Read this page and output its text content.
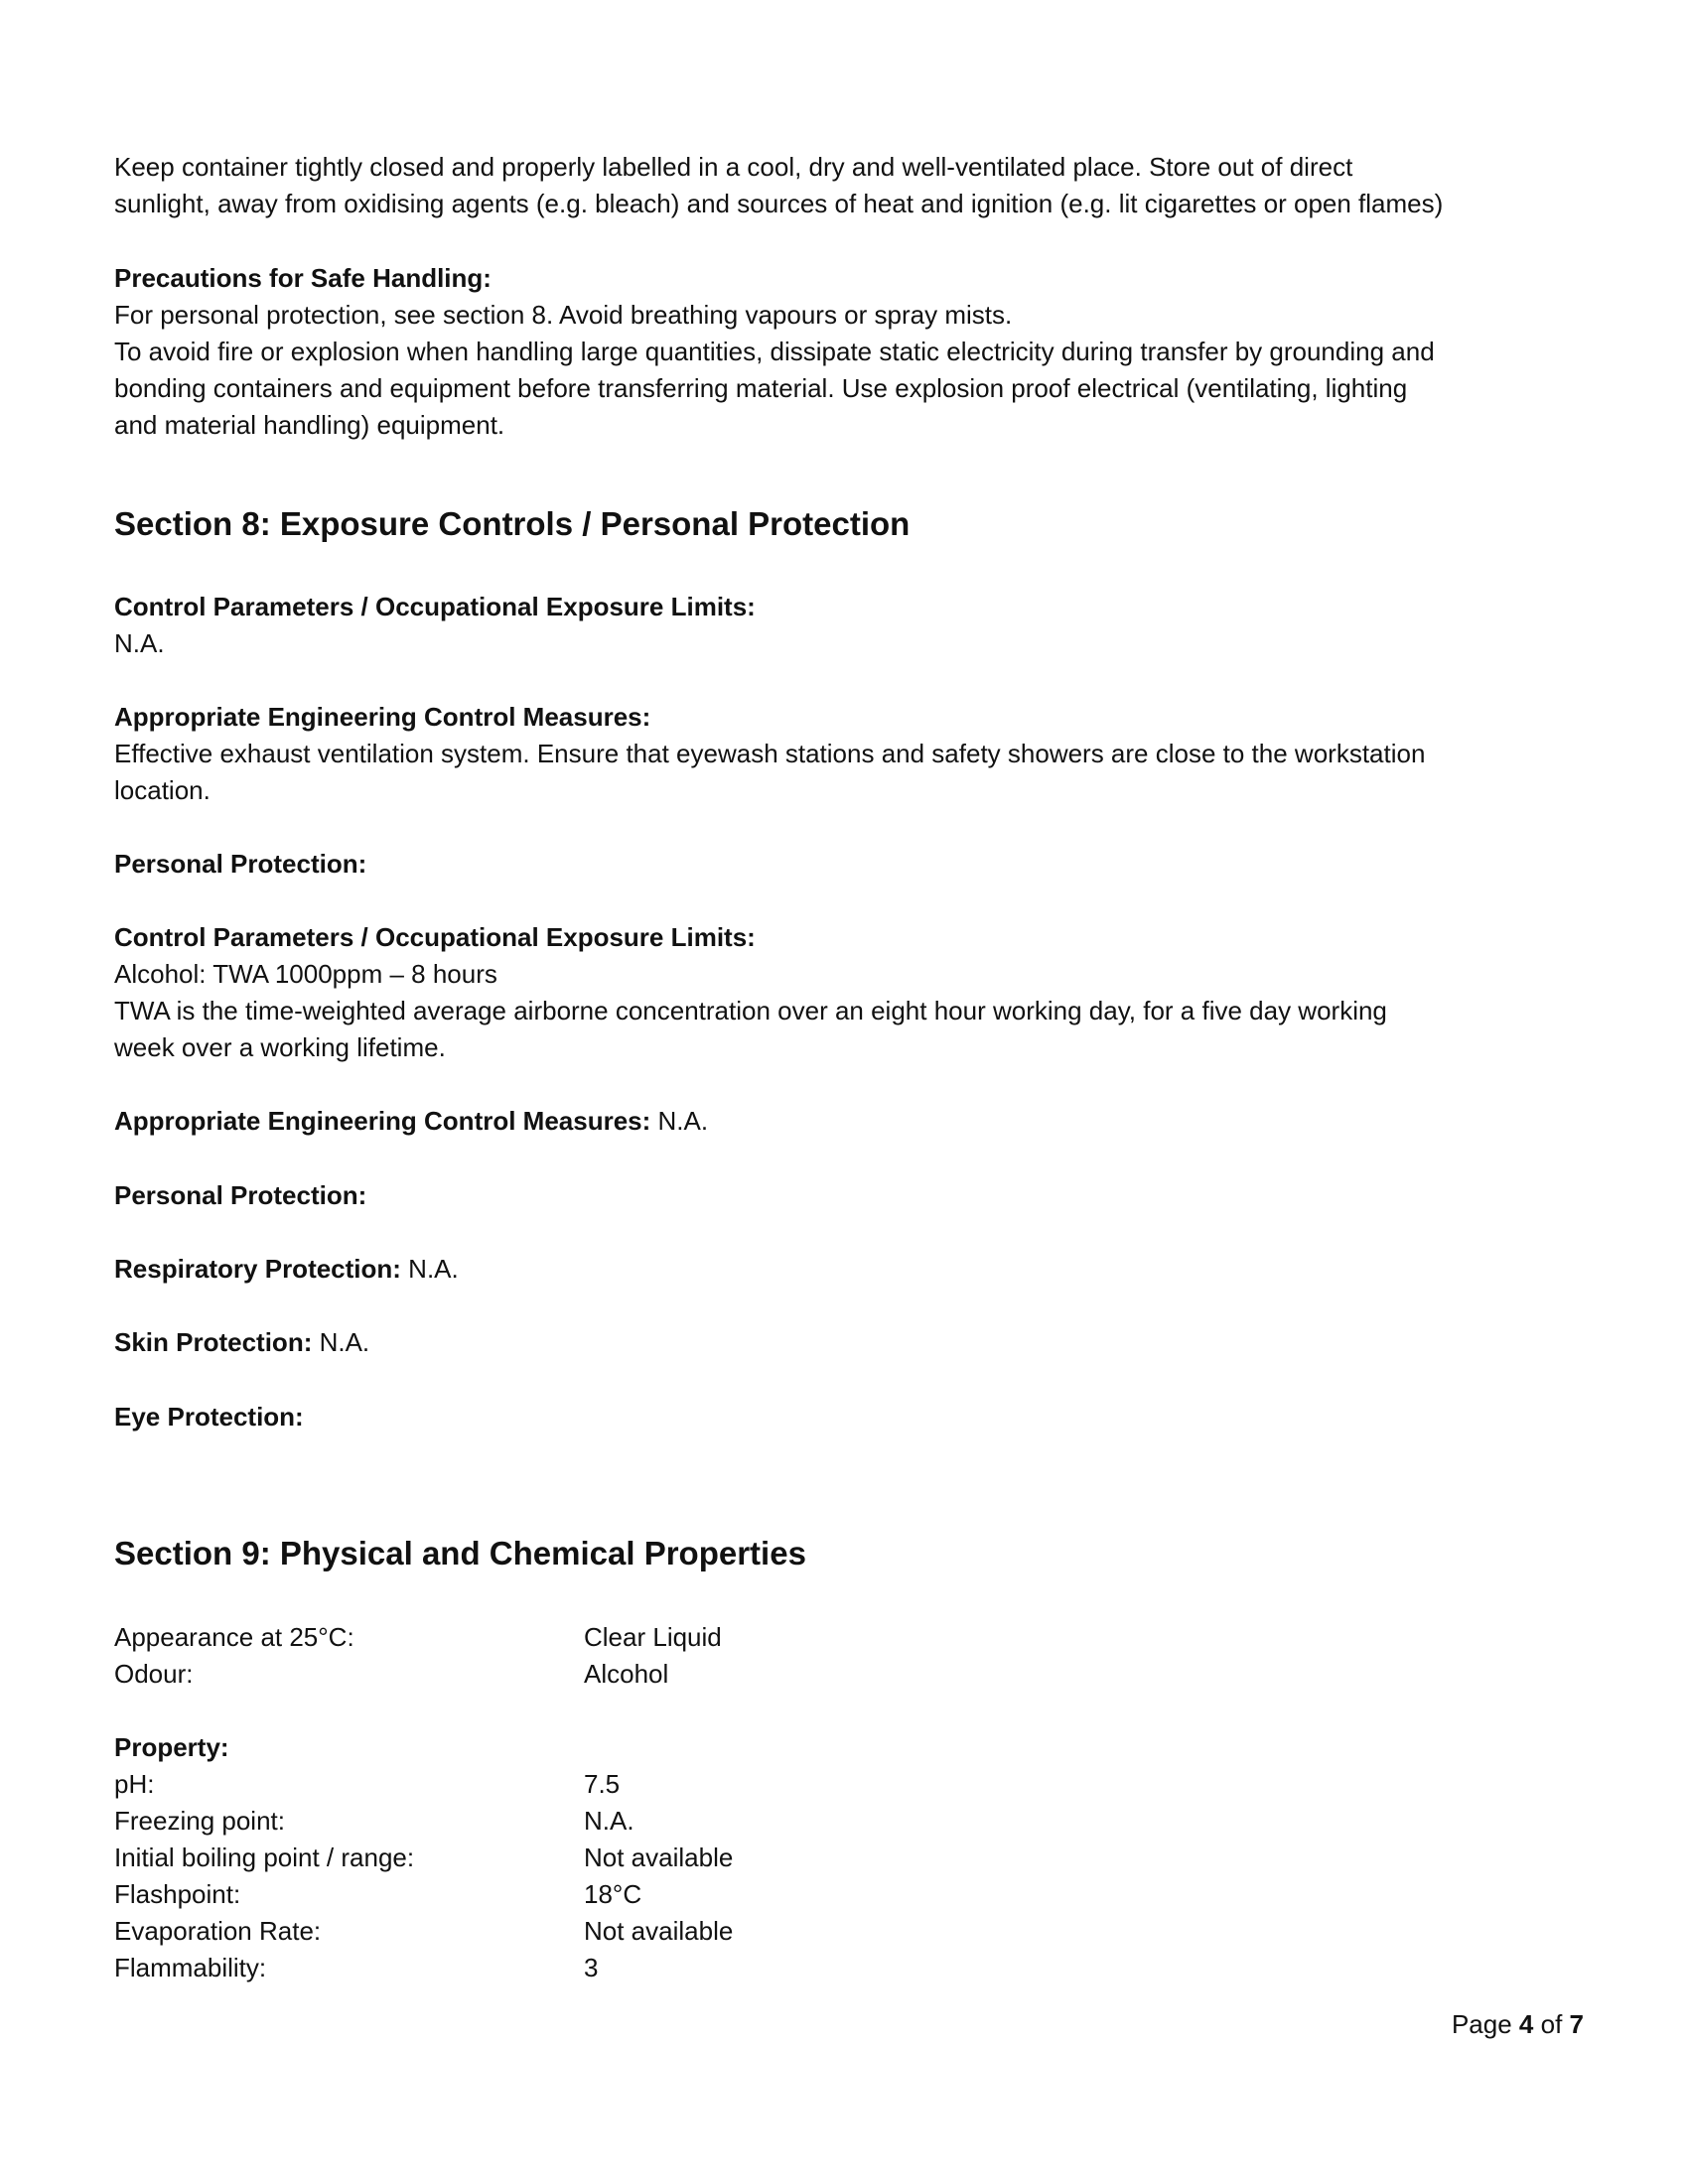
Keep container tightly closed and properly labelled in a cool, dry and well-ventilated place. Store out of direct
sunlight, away from oxidising agents (e.g. bleach) and sources of heat and ignition (e.g. lit cigarettes or open flames)
Precautions for Safe Handling:
For personal protection, see section 8. Avoid breathing vapours or spray mists.
To avoid fire or explosion when handling large quantities, dissipate static electricity during transfer by grounding and
bonding containers and equipment before transferring material. Use explosion proof electrical (ventilating, lighting
and material handling) equipment.
Section 8: Exposure Controls / Personal Protection
Control Parameters / Occupational Exposure Limits:
N.A.
Appropriate Engineering Control Measures:
Effective exhaust ventilation system. Ensure that eyewash stations and safety showers are close to the workstation
location.
Personal Protection:
Control Parameters / Occupational Exposure Limits:
Alcohol: TWA 1000ppm – 8 hours
TWA is the time-weighted average airborne concentration over an eight hour working day, for a five day working
week over a working lifetime.
Appropriate Engineering Control Measures: N.A.
Personal Protection:
Respiratory Protection: N.A.
Skin Protection: N.A.
Eye Protection:
Section 9: Physical and Chemical Properties
Appearance at 25°C:	Clear Liquid
Odour:	Alcohol
Property:
pH:	7.5
Freezing point:	N.A.
Initial boiling point / range:	Not available
Flashpoint:	18°C
Evaporation Rate:	Not available
Flammability:	3
Page 4 of 7
